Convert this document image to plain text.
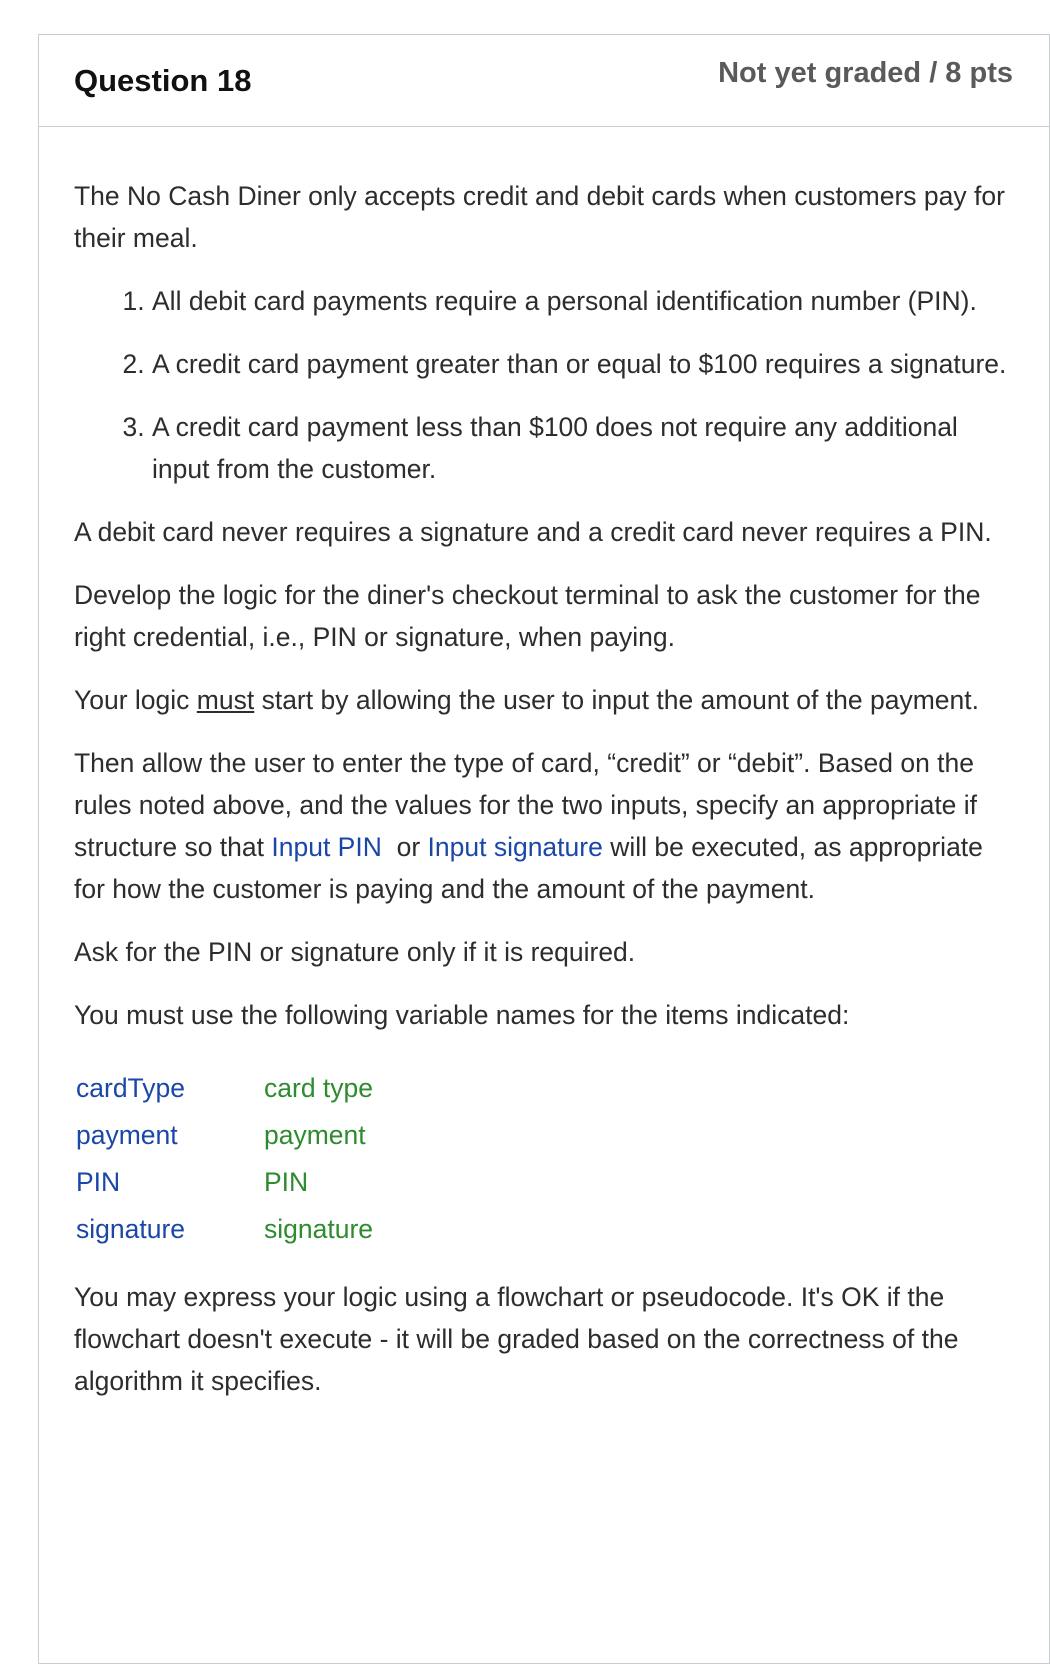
Question 18	Not yet graded / 8 pts

The No Cash Diner only accepts credit and debit cards when customers pay for their meal.

1. All debit card payments require a personal identification number (PIN).
2. A credit card payment greater than or equal to $100 requires a signature.
3. A credit card payment less than $100 does not require any additional input from the customer.

A debit card never requires a signature and a credit card never requires a PIN.

Develop the logic for the diner's checkout terminal to ask the customer for the right credential, i.e., PIN or signature, when paying.

Your logic must start by allowing the user to input the amount of the payment.

Then allow the user to enter the type of card, “credit” or “debit”. Based on the rules noted above, and the values for the two inputs, specify an appropriate if structure so that Input PIN  or Input signature will be executed, as appropriate for how the customer is paying and the amount of the payment.

Ask for the PIN or signature only if it is required.

You must use the following variable names for the items indicated:

cardType	card type
payment	payment
PIN	PIN
signature	signature

You may express your logic using a flowchart or pseudocode. It's OK if the flowchart doesn't execute - it will be graded based on the correctness of the algorithm it specifies.
